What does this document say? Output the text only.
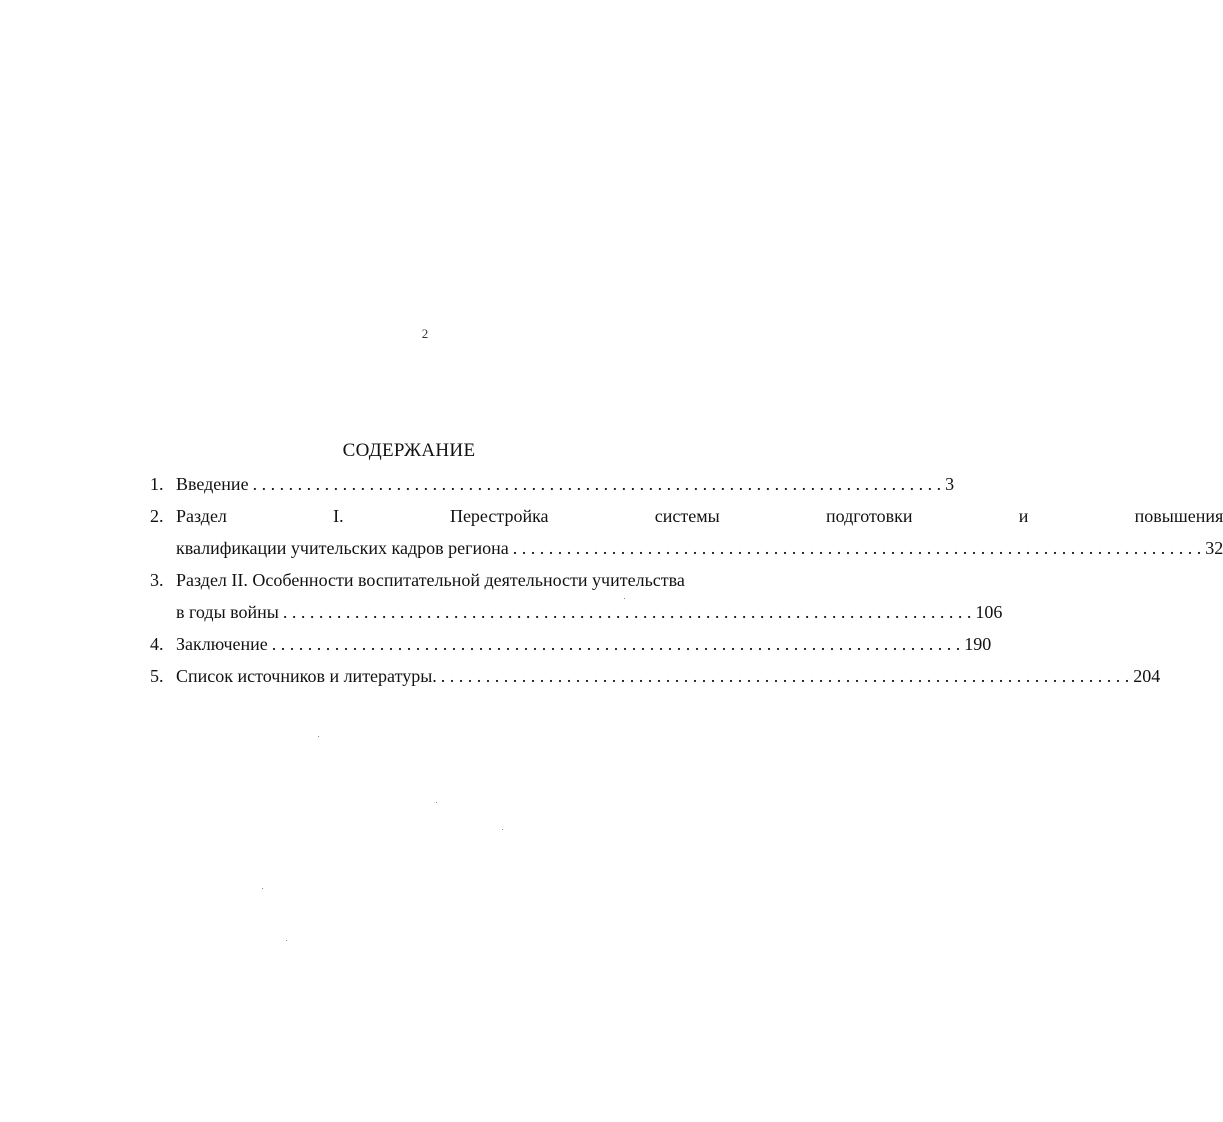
2
СОДЕРЖАНИЕ
1. Введение . . .	3
2. Раздел I. Перестройка системы подготовки и повышения
квалификации учительских кадров региона . . .	32
3. Раздел II. Особенности воспитательной деятельности учительства
в годы войны . . .	106
4. Заключение . . .	190
5. Список источников и литературы. . . .	204
